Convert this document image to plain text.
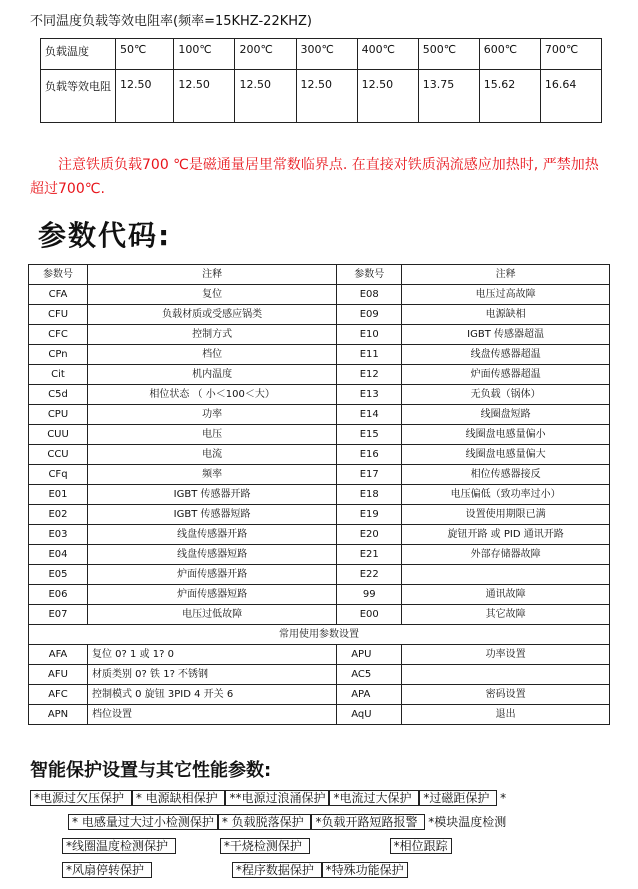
不同温度负载等效电阻率(频率=15KHZ-22KHZ)
负载温度	50℃	100℃	200℃	300℃	400℃	500℃	600℃	700℃
负载等效电阻	12.50	12.50	12.50	12.50	12.50	13.75	15.62	16.64
注意铁质负载700 ℃是磁通量居里常数临界点. 在直接对铁质涡流感应加热时, 严禁加热超过700℃.
参数代码:
参数号	注释	参数号	注释
CFA	复位	E08	电压过高故障
CFU	负载材质或受感应锅类	E09	电源缺相
CFC	控制方式	E10	IGBT 传感器超温
CPn	档位	E11	线盘传感器超温
Cit	机内温度	E12	炉面传感器超温
C5d	相位状态 （ 小＜100＜大）	E13	无负载（锅体）
CPU	功率	E14	线圈盘短路
CUU	电压	E15	线圈盘电感量偏小
CCU	电流	E16	线圈盘电感量偏大
CFq	频率	E17	相位传感器接反
E01	IGBT 传感器开路	E18	电压偏低（致功率过小）
E02	IGBT 传感器短路	E19	设置使用期限已满
E03	线盘传感器开路	E20	旋钮开路 或 PID 通讯开路
E04	线盘传感器短路	E21	外部存储器故障
E05	炉面传感器开路	E22	
E06	炉面传感器短路	99	通讯故障
E07	电压过低故障	E00	其它故障
常用使用参数设置			
AFA	复位 0? 1 或 1? 0	APU	功率设置
AFU	材质类别 0? 铁 1? 不锈钢	AC5	
AFC	控制模式 0 旋钮 3PID 4 开关 6	APA	密码设置
APN	档位设置	AqU	退出
智能保护设置与其它性能参数:
*电源过欠压保护 * 电源缺相保护 **电源过浪涌保护 *电流过大保护 *过磁距保护 *
* 电感量过大过小检测保护 * 负载脱落保护 *负载开路短路报警 *模块温度检测
*线圈温度检测保护	*干烧检测保护	*相位跟踪
*风扇停转保护	*程序数据保护 *特殊功能保护
